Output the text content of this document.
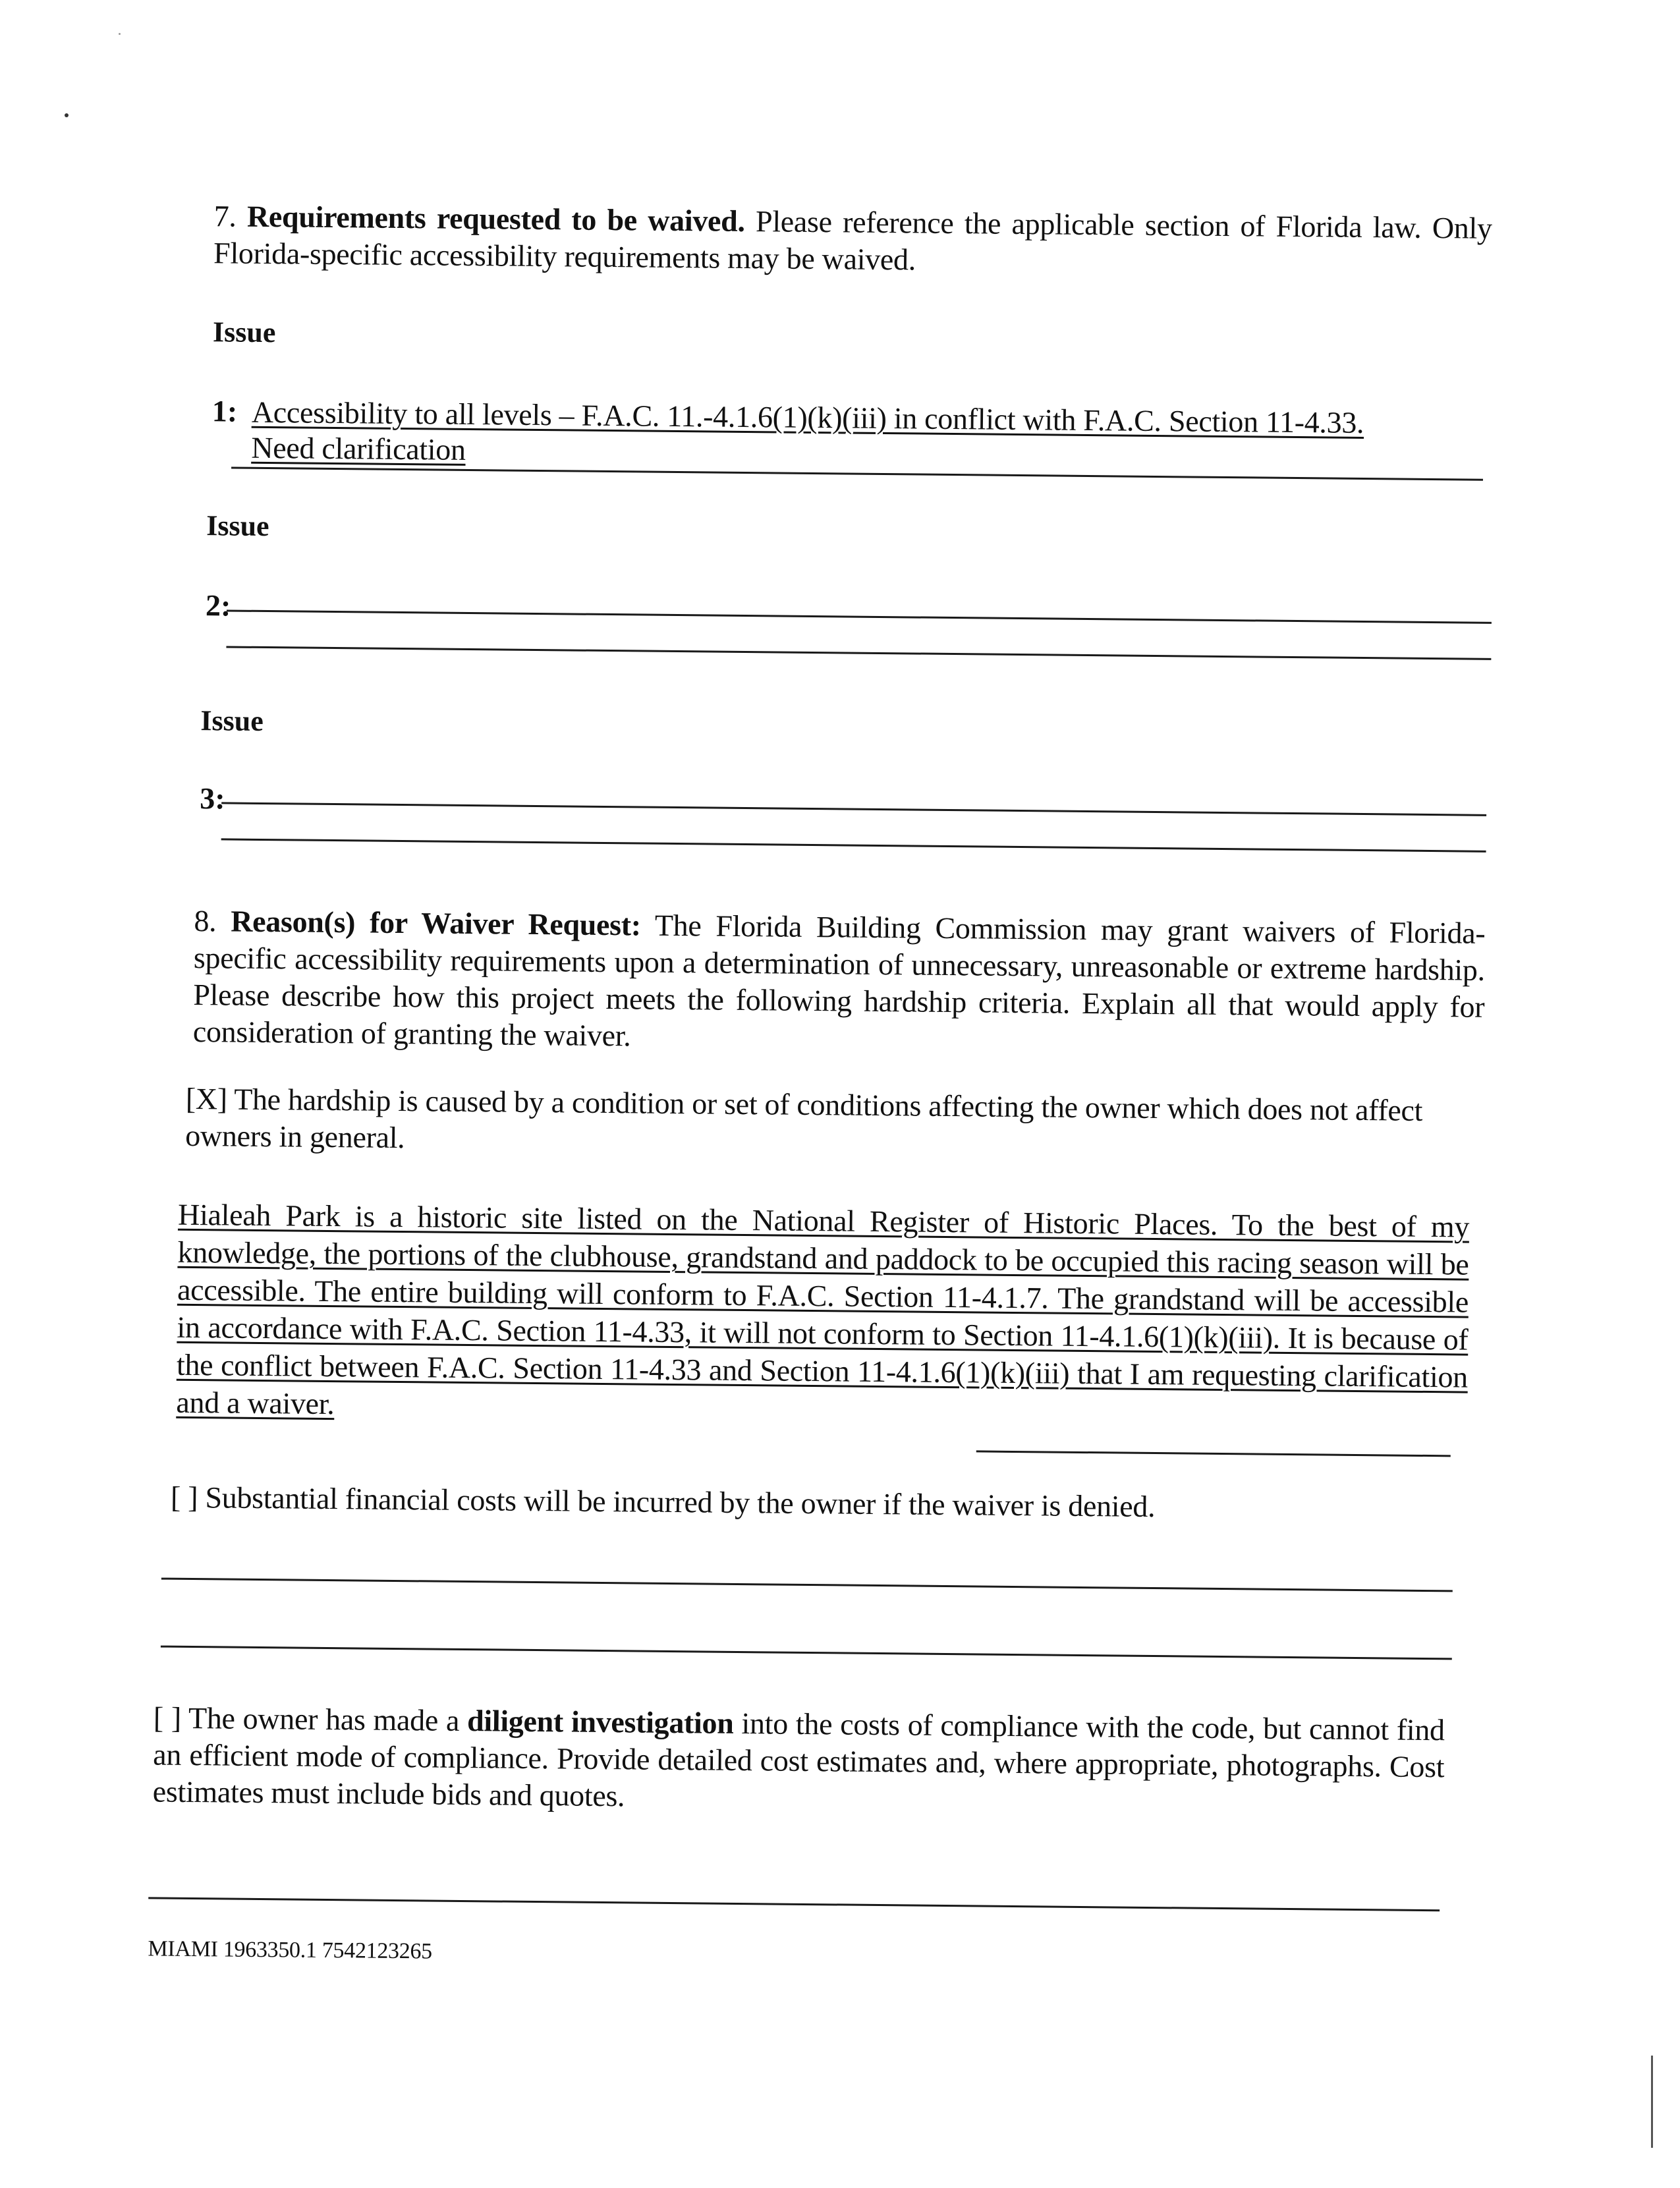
7. Requirements requested to be waived. Please reference the applicable section of Florida law. Only Florida-specific accessibility requirements may be waived.
Issue
1: Accessibility to all levels – F.A.C. 11.-4.1.6(1)(k)(iii) in conflict with F.A.C. Section 11-4.33.
Need clarification
Issue
2:
Issue
3:
8. Reason(s) for Waiver Request: The Florida Building Commission may grant waivers of Florida-specific accessibility requirements upon a determination of unnecessary, unreasonable or extreme hardship. Please describe how this project meets the following hardship criteria. Explain all that would apply for consideration of granting the waiver.
[X] The hardship is caused by a condition or set of conditions affecting the owner which does not affect owners in general.
Hialeah Park is a historic site listed on the National Register of Historic Places. To the best of my knowledge, the portions of the clubhouse, grandstand and paddock to be occupied this racing season will be accessible. The entire building will conform to F.A.C. Section 11-4.1.7. The grandstand will be accessible in accordance with F.A.C. Section 11-4.33, it will not conform to Section 11-4.1.6(1)(k)(iii). It is because of the conflict between F.A.C. Section 11-4.33 and Section 11-4.1.6(1)(k)(iii) that I am requesting clarification and a waiver.
[ ] Substantial financial costs will be incurred by the owner if the waiver is denied.
[ ] The owner has made a diligent investigation into the costs of compliance with the code, but cannot find an efficient mode of compliance. Provide detailed cost estimates and, where appropriate, photographs. Cost estimates must include bids and quotes.
MIAMI 1963350.1 7542123265
